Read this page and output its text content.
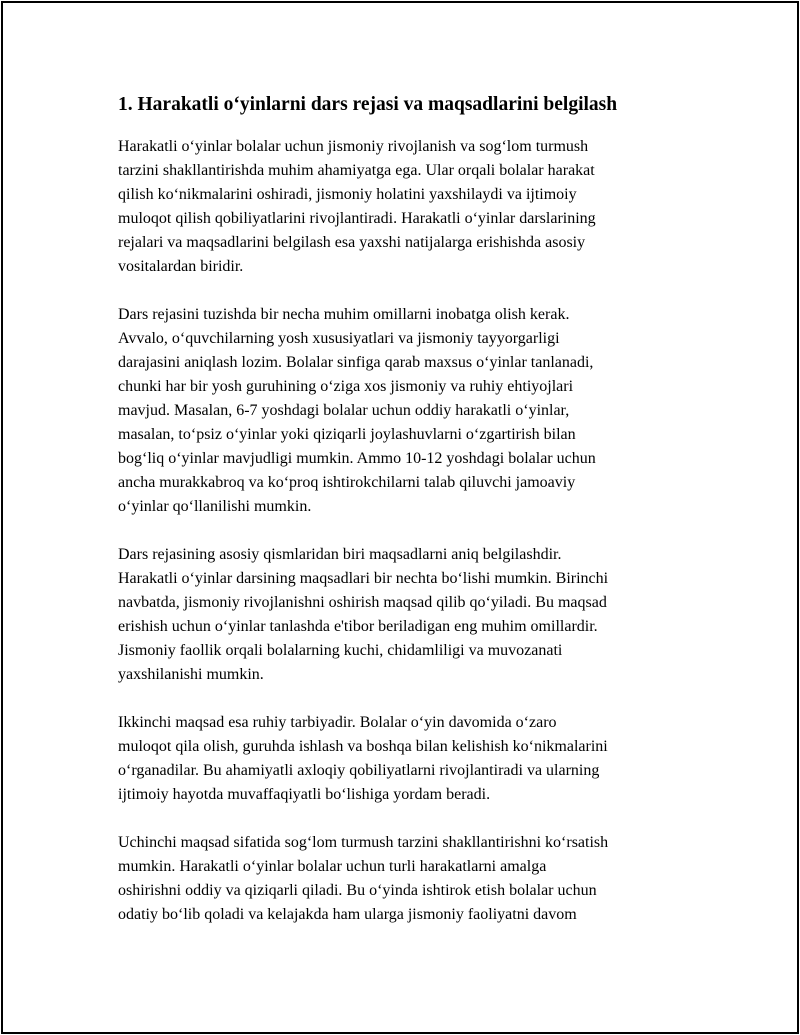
1. Harakatli o‘yinlarni dars rejasi va maqsadlarini belgilash
Harakatli o‘yinlar bolalar uchun jismoniy rivojlanish va sog‘lom turmush
tarzini shakllantirishda muhim ahamiyatga ega. Ular orqali bolalar harakat
qilish ko‘nikmalarini oshiradi, jismoniy holatini yaxshilaydi va ijtimoiy
muloqot qilish qobiliyatlarini rivojlantiradi. Harakatli o‘yinlar darslarining
rejalari va maqsadlarini belgilash esa yaxshi natijalarga erishishda asosiy
vositalardan biridir.
Dars rejasini tuzishda bir necha muhim omillarni inobatga olish kerak.
Avvalo, o‘quvchilarning yosh xususiyatlari va jismoniy tayyorgarligi
darajasini aniqlash lozim. Bolalar sinfiga qarab maxsus o‘yinlar tanlanadi,
chunki har bir yosh guruhining o‘ziga xos jismoniy va ruhiy ehtiyojlari
mavjud. Masalan, 6-7 yoshdagi bolalar uchun oddiy harakatli o‘yinlar,
masalan, to‘psiz o‘yinlar yoki qiziqarli joylashuvlarni o‘zgartirish bilan
bog‘liq o‘yinlar mavjudligi mumkin. Ammo 10-12 yoshdagi bolalar uchun
ancha murakkabroq va ko‘proq ishtirokchilarni talab qiluvchi jamoaviy
o‘yinlar qo‘llanilishi mumkin.
Dars rejasining asosiy qismlaridan biri maqsadlarni aniq belgilashdir.
Harakatli o‘yinlar darsining maqsadlari bir nechta bo‘lishi mumkin. Birinchi
navbatda, jismoniy rivojlanishni oshirish maqsad qilib qo‘yiladi. Bu maqsad
erishish uchun o‘yinlar tanlashda e'tibor beriladigan eng muhim omillardir.
Jismoniy faollik orqali bolalarning kuchi, chidamliligi va muvozanati
yaxshilanishi mumkin.
Ikkinchi maqsad esa ruhiy tarbiyadir. Bolalar o‘yin davomida o‘zaro
muloqot qila olish, guruhda ishlash va boshqa bilan kelishish ko‘nikmalarini
o‘rganadilar. Bu ahamiyatli axloqiy qobiliyatlarni rivojlantiradi va ularning
ijtimoiy hayotda muvaffaqiyatli bo‘lishiga yordam beradi.
Uchinchi maqsad sifatida sog‘lom turmush tarzini shakllantirishni ko‘rsatish
mumkin. Harakatli o‘yinlar bolalar uchun turli harakatlarni amalga
oshirishni oddiy va qiziqarli qiladi. Bu o‘yinda ishtirok etish bolalar uchun
odatiy bo‘lib qoladi va kelajakda ham ularga jismoniy faoliyatni davom
